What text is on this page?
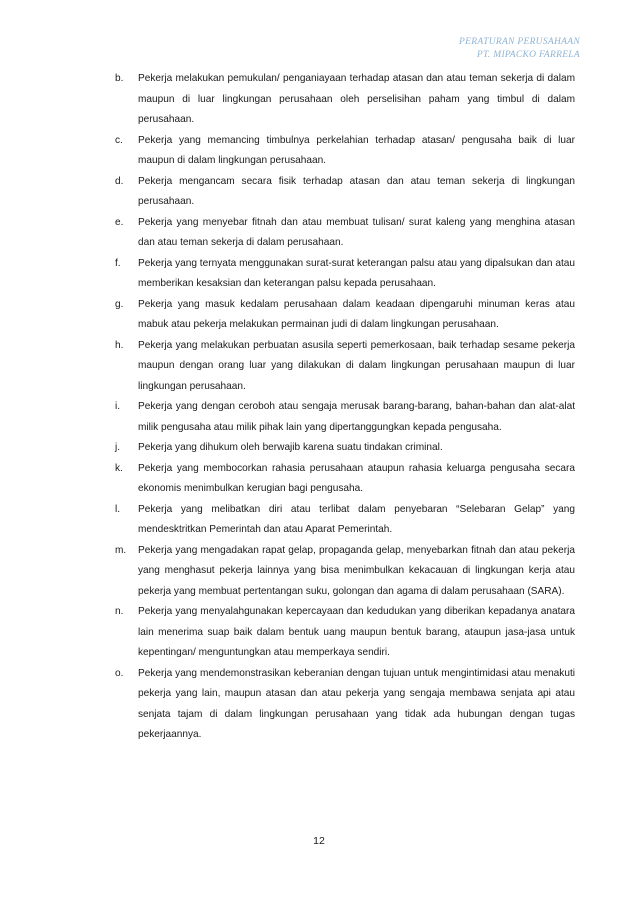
PERATURAN PERUSAHAAN
PT. MIPACKO FARRELA
b. Pekerja melakukan pemukulan/ penganiayaan terhadap atasan dan atau teman sekerja di dalam maupun di luar lingkungan perusahaan oleh perselisihan paham yang timbul di dalam perusahaan.
c. Pekerja yang memancing timbulnya perkelahian terhadap atasan/ pengusaha baik di luar maupun di dalam lingkungan perusahaan.
d. Pekerja mengancam secara fisik terhadap atasan dan atau teman sekerja di lingkungan perusahaan.
e. Pekerja yang menyebar fitnah dan atau membuat tulisan/ surat kaleng yang menghina atasan dan atau teman sekerja di dalam perusahaan.
f. Pekerja yang ternyata menggunakan surat-surat keterangan palsu atau yang dipalsukan dan atau memberikan kesaksian dan keterangan palsu kepada perusahaan.
g. Pekerja yang masuk kedalam perusahaan dalam keadaan dipengaruhi minuman keras atau mabuk atau pekerja melakukan permainan judi di dalam lingkungan perusahaan.
h. Pekerja yang melakukan perbuatan asusila seperti pemerkosaan, baik terhadap sesame pekerja maupun dengan orang luar yang dilakukan di dalam lingkungan perusahaan maupun di luar lingkungan perusahaan.
i. Pekerja yang dengan ceroboh atau sengaja merusak barang-barang, bahan-bahan dan alat-alat milik pengusaha atau milik pihak lain yang dipertanggungkan kepada pengusaha.
j. Pekerja yang dihukum oleh berwajib karena suatu tindakan criminal.
k. Pekerja yang membocorkan rahasia perusahaan ataupun rahasia keluarga pengusaha secara ekonomis menimbulkan kerugian bagi pengusaha.
l. Pekerja yang melibatkan diri atau terlibat dalam penyebaran “Selebaran Gelap” yang mendesktritkan Pemerintah dan atau Aparat Pemerintah.
m. Pekerja yang mengadakan rapat gelap, propaganda gelap, menyebarkan fitnah dan atau pekerja yang menghasut pekerja lainnya yang bisa menimbulkan kekacauan di lingkungan kerja atau pekerja yang membuat pertentangan suku, golongan dan agama di dalam perusahaan (SARA).
n. Pekerja yang menyalahgunakan kepercayaan dan kedudukan yang diberikan kepadanya anatara lain menerima suap baik dalam bentuk uang maupun bentuk barang, ataupun jasa-jasa untuk kepentingan/ menguntungkan atau memperkaya sendiri.
o. Pekerja yang mendemonstrasikan keberanian dengan tujuan untuk mengintimidasi atau menakuti pekerja yang lain, maupun atasan dan atau pekerja yang sengaja membawa senjata api atau senjata tajam di dalam lingkungan perusahaan yang tidak ada hubungan dengan tugas pekerjaannya.
12
